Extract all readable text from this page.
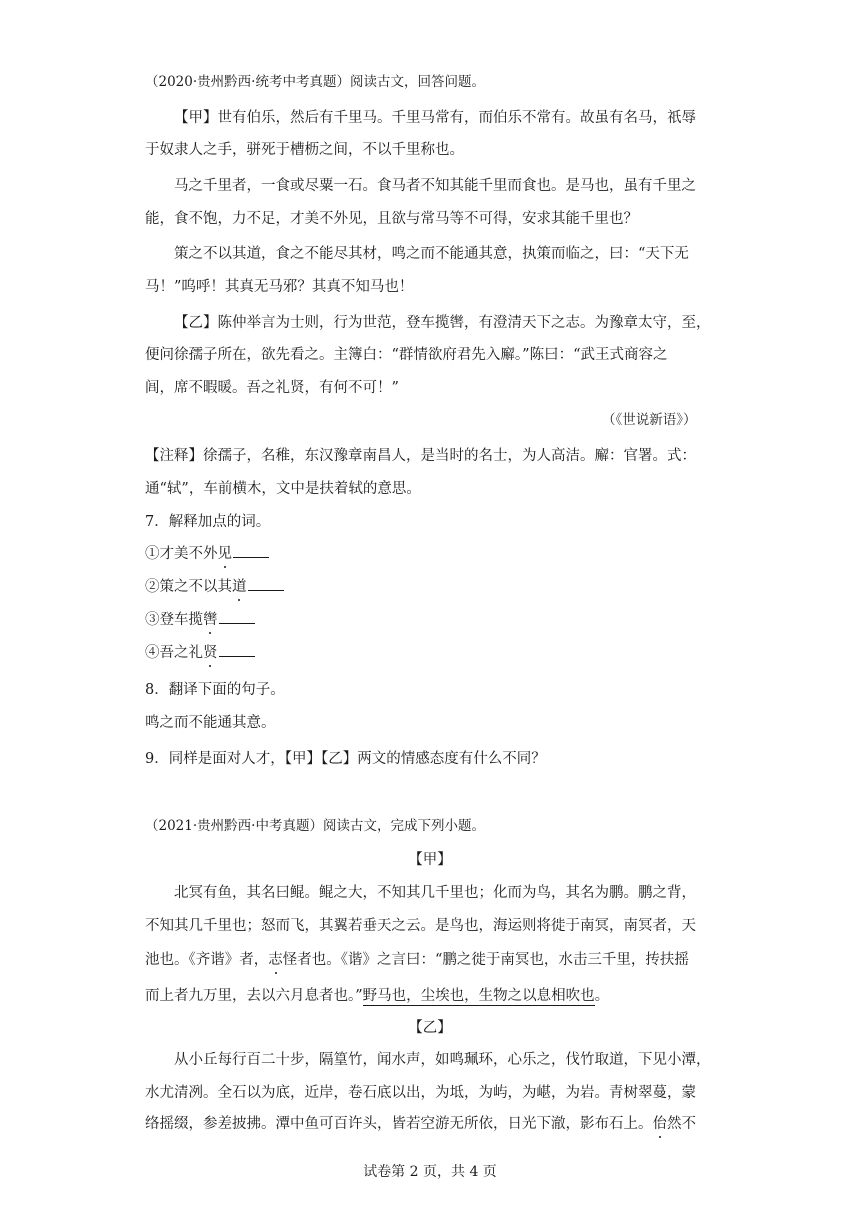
（2020·贵州黔西·统考中考真题）阅读古文，回答问题。
【甲】世有伯乐，然后有千里马。千里马常有，而伯乐不常有。故虽有名马，祇辱
于奴隶人之手，骈死于槽枥之间，不以千里称也。
马之千里者，一食或尽粟一石。食马者不知其能千里而食也。是马也，虽有千里之
能，食不饱，力不足，才美不外见，且欲与常马等不可得，安求其能千里也？
策之不以其道，食之不能尽其材，鸣之而不能通其意，执策而临之，曰：“天下无
马！”呜呼！其真无马邪？其真不知马也！
【乙】陈仲举言为士则，行为世范，登车揽辔，有澄清天下之志。为豫章太守，至，
便问徐孺子所在，欲先看之。主簿白：“群情欲府君先入廨。”陈曰：“武王式商容之
闾，席不暇暖。吾之礼贤，有何不可！”
（《世说新语》）
【注释】徐孺子，名稚，东汉豫章南昌人，是当时的名士，为人高洁。廨：官署。式：
通“轼”，车前横木，文中是扶着轼的意思。
7．解释加点的词。
①才美不外见
②策之不以其道
③登车揽辔
④吾之礼贤
8．翻译下面的句子。
鸣之而不能通其意。
9．同样是面对人才，【甲】【乙】两文的情感态度有什么不同？
（2021·贵州黔西·中考真题）阅读古文，完成下列小题。
【甲】
北冥有鱼，其名曰鲲。鲲之大，不知其几千里也；化而为鸟，其名为鹏。鹏之背，
不知其几千里也；怒而飞，其翼若垂天之云。是鸟也，海运则将徙于南冥，南冥者，天
池也。《齐谐》者，志怪者也。《谐》之言曰：“鹏之徙于南冥也，水击三千里，抟扶摇
而上者九万里，去以六月息者也。”野马也，尘埃也，生物之以息相吹也。
【乙】
从小丘每行百二十步，隔篁竹，闻水声，如鸣珮环，心乐之，伐竹取道，下见小潭，
水尤清冽。全石以为底，近岸，卷石底以出，为坻，为屿，为嵁，为岩。青树翠蔓，蒙
络摇缀，参差披拂。潭中鱼可百许头，皆若空游无所依，日光下澈，影布石上。佁然不
试卷第 2 页，共 4 页
